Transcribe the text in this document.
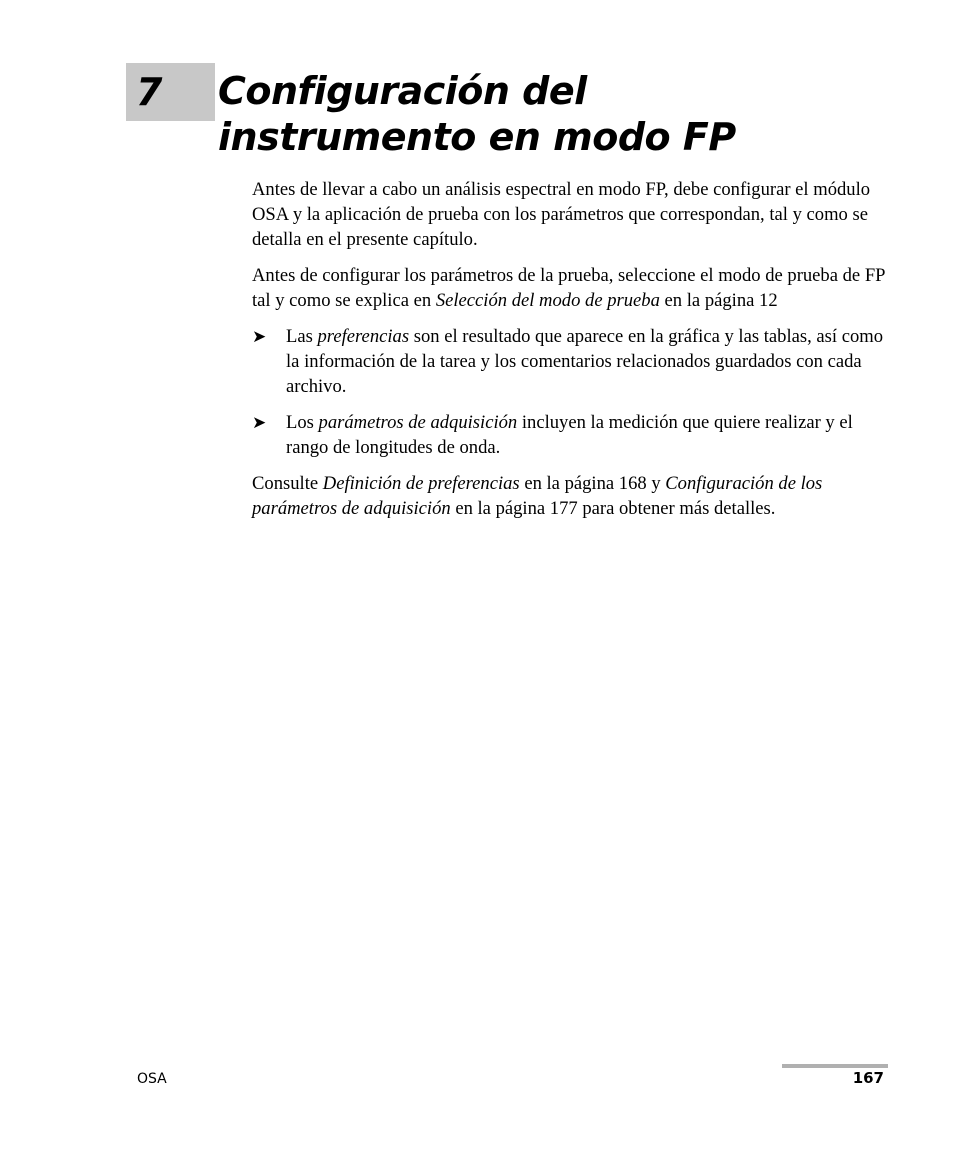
7 Configuración del
instrumento en modo FP

Antes de llevar a cabo un análisis espectral en modo FP, debe configurar el módulo OSA y la aplicación de prueba con los parámetros que correspondan, tal y como se detalla en el presente capítulo.

Antes de configurar los parámetros de la prueba, seleccione el modo de prueba de FP tal y como se explica en Selección del modo de prueba en la página 12

➤ Las preferencias son el resultado que aparece en la gráfica y las tablas, así como la información de la tarea y los comentarios relacionados guardados con cada archivo.
➤ Los parámetros de adquisición incluyen la medición que quiere realizar y el rango de longitudes de onda.

Consulte Definición de preferencias en la página 168 y Configuración de los parámetros de adquisición en la página 177 para obtener más detalles.

OSA	167
